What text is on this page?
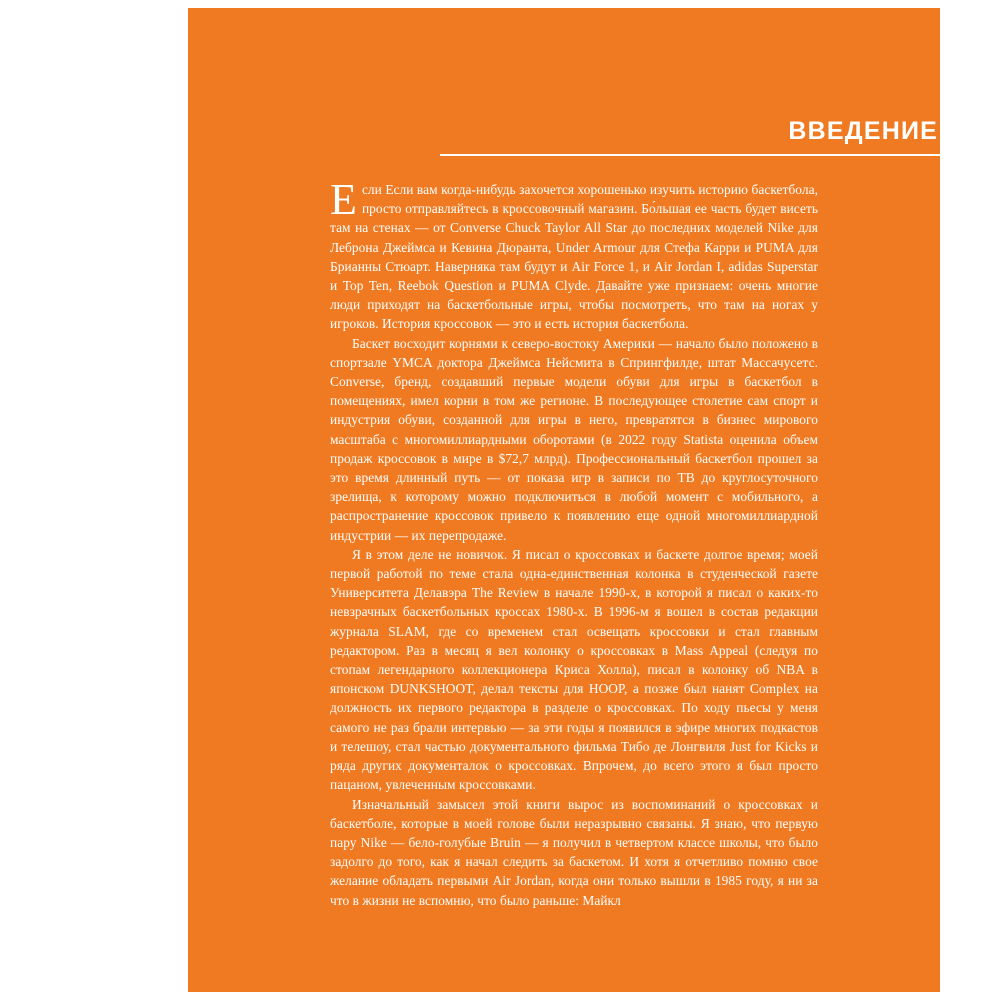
ВВЕДЕНИЕ

Если Если вам когда-нибудь захочется хорошенько изучить историю баскетбола, просто отправляйтесь в кроссовочный магазин. Бо́льшая ее часть будет висеть там на стенах — от Converse Chuck Taylor All Star до последних моделей Nike для Леброна Джеймса и Кевина Дюранта, Under Armour для Стефа Карри и PUMA для Брианны Стюарт. Наверняка там будут и Air Force 1, и Air Jordan I, adidas Superstar и Top Ten, Reebok Question и PUMA Clyde. Давайте уже признаем: очень многие люди приходят на баскетбольные игры, чтобы посмотреть, что там на ногах у игроков. История кроссовок — это и есть история баскетбола.

Баскет восходит корнями к северо-востоку Америки — начало было положено в спортзале YMCA доктора Джеймса Нейсмита в Спрингфилде, штат Массачусетс. Converse, бренд, создавший первые модели обуви для игры в баскетбол в помещениях, имел корни в том же регионе. В последующее столетие сам спорт и индустрия обуви, созданной для игры в него, превратятся в бизнес мирового масштаба с многомиллиардными оборотами (в 2022 году Statista оценила объем продаж кроссовок в мире в $72,7 млрд). Профессиональный баскетбол прошел за это время длинный путь — от показа игр в записи по ТВ до круглосуточного зрелища, к которому можно подключиться в любой момент с мобильного, а распространение кроссовок привело к появлению еще одной многомиллиардной индустрии — их перепродаже.

Я в этом деле не новичок. Я писал о кроссовках и баскете долгое время; моей первой работой по теме стала одна-единственная колонка в студенческой газете Университета Делавэра The Review в начале 1990-х, в которой я писал о каких-то невзрачных баскетбольных кроссах 1980-х. В 1996-м я вошел в состав редакции журнала SLAM, где со временем стал освещать кроссовки и стал главным редактором. Раз в месяц я вел колонку о кроссовках в Mass Appeal (следуя по стопам легендарного коллекционера Криса Холла), писал в колонку об NBA в японском DUNKSHOOT, делал тексты для HOOP, а позже был нанят Complex на должность их первого редактора в разделе о кроссовках. По ходу пьесы у меня самого не раз брали интервью — за эти годы я появился в эфире многих подкастов и телешоу, стал частью документального фильма Тибо де Лонгвиля Just for Kicks и ряда других документалок о кроссовках. Впрочем, до всего этого я был просто пацаном, увлеченным кроссовками.

Изначальный замысел этой книги вырос из воспоминаний о кроссовках и баскетболе, которые в моей голове были неразрывно связаны. Я знаю, что первую пару Nike — бело-голубые Bruin — я получил в четвертом классе школы, что было задолго до того, как я начал следить за баскетом. И хотя я отчетливо помню свое желание обладать первыми Air Jordan, когда они только вышли в 1985 году, я ни за что в жизни не вспомню, что было раньше: Майкл
